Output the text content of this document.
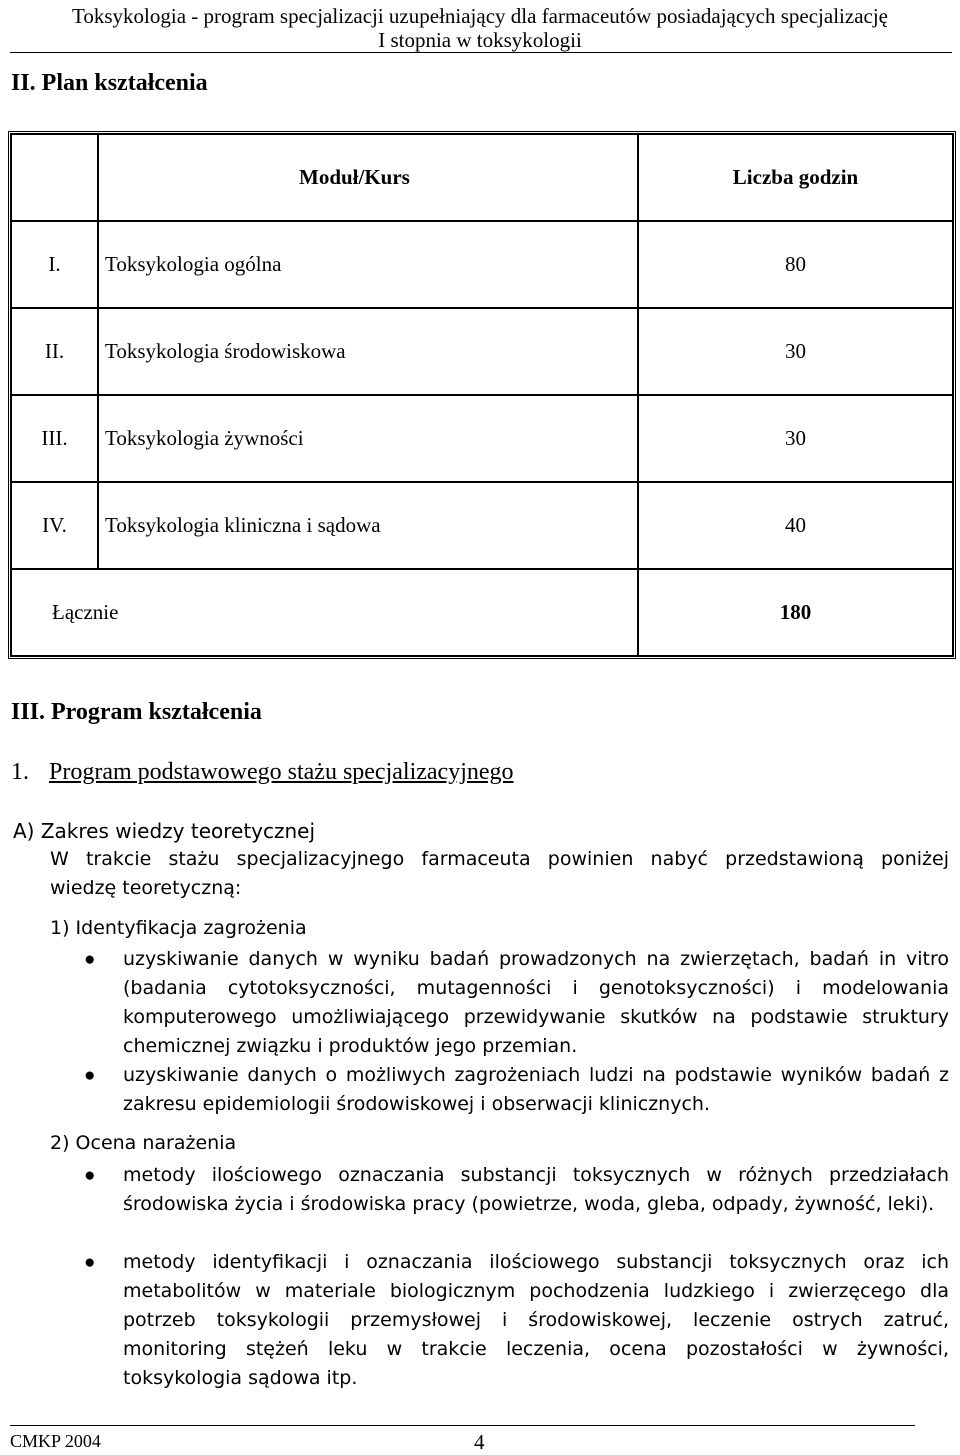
Toksykologia - program specjalizacji uzupełniający dla farmaceutów posiadających specjalizację
I stopnia w toksykologii
II. Plan kształcenia
	Moduł/Kurs	Liczba godzin
I.	Toksykologia ogólna	80
II.	Toksykologia środowiskowa	30
III.	Toksykologia żywności	30
IV.	Toksykologia kliniczna i sądowa	40
Łącznie		180
III. Program kształcenia
1. Program podstawowego stażu specjalizacyjnego
A) Zakres wiedzy teoretycznej
W trakcie stażu specjalizacyjnego farmaceuta powinien nabyć przedstawioną poniżej
wiedzę teoretyczną:
1) Identyfikacja zagrożenia
●	uzyskiwanie danych w wyniku badań prowadzonych na zwierzętach, badań in vitro (badania cytotoksyczności, mutagenności i genotoksyczności) i modelowania komputerowego umożliwiającego przewidywanie skutków na podstawie struktury chemicznej związku i produktów jego przemian.
●	uzyskiwanie danych o możliwych zagrożeniach ludzi na podstawie wyników badań z zakresu epidemiologii środowiskowej i obserwacji klinicznych.
2) Ocena narażenia
●	metody ilościowego oznaczania substancji toksycznych w różnych przedziałach środowiska życia i środowiska pracy (powietrze, woda, gleba, odpady, żywność, leki).
●	metody identyfikacji i oznaczania ilościowego substancji toksycznych oraz ich metabolitów w materiale biologicznym pochodzenia ludzkiego i zwierzęcego dla potrzeb toksykologii przemysłowej i środowiskowej, leczenie ostrych zatruć, monitoring stężeń leku w trakcie leczenia, ocena pozostałości w żywności, toksykologia sądowa itp.
CMKP 2004	4
